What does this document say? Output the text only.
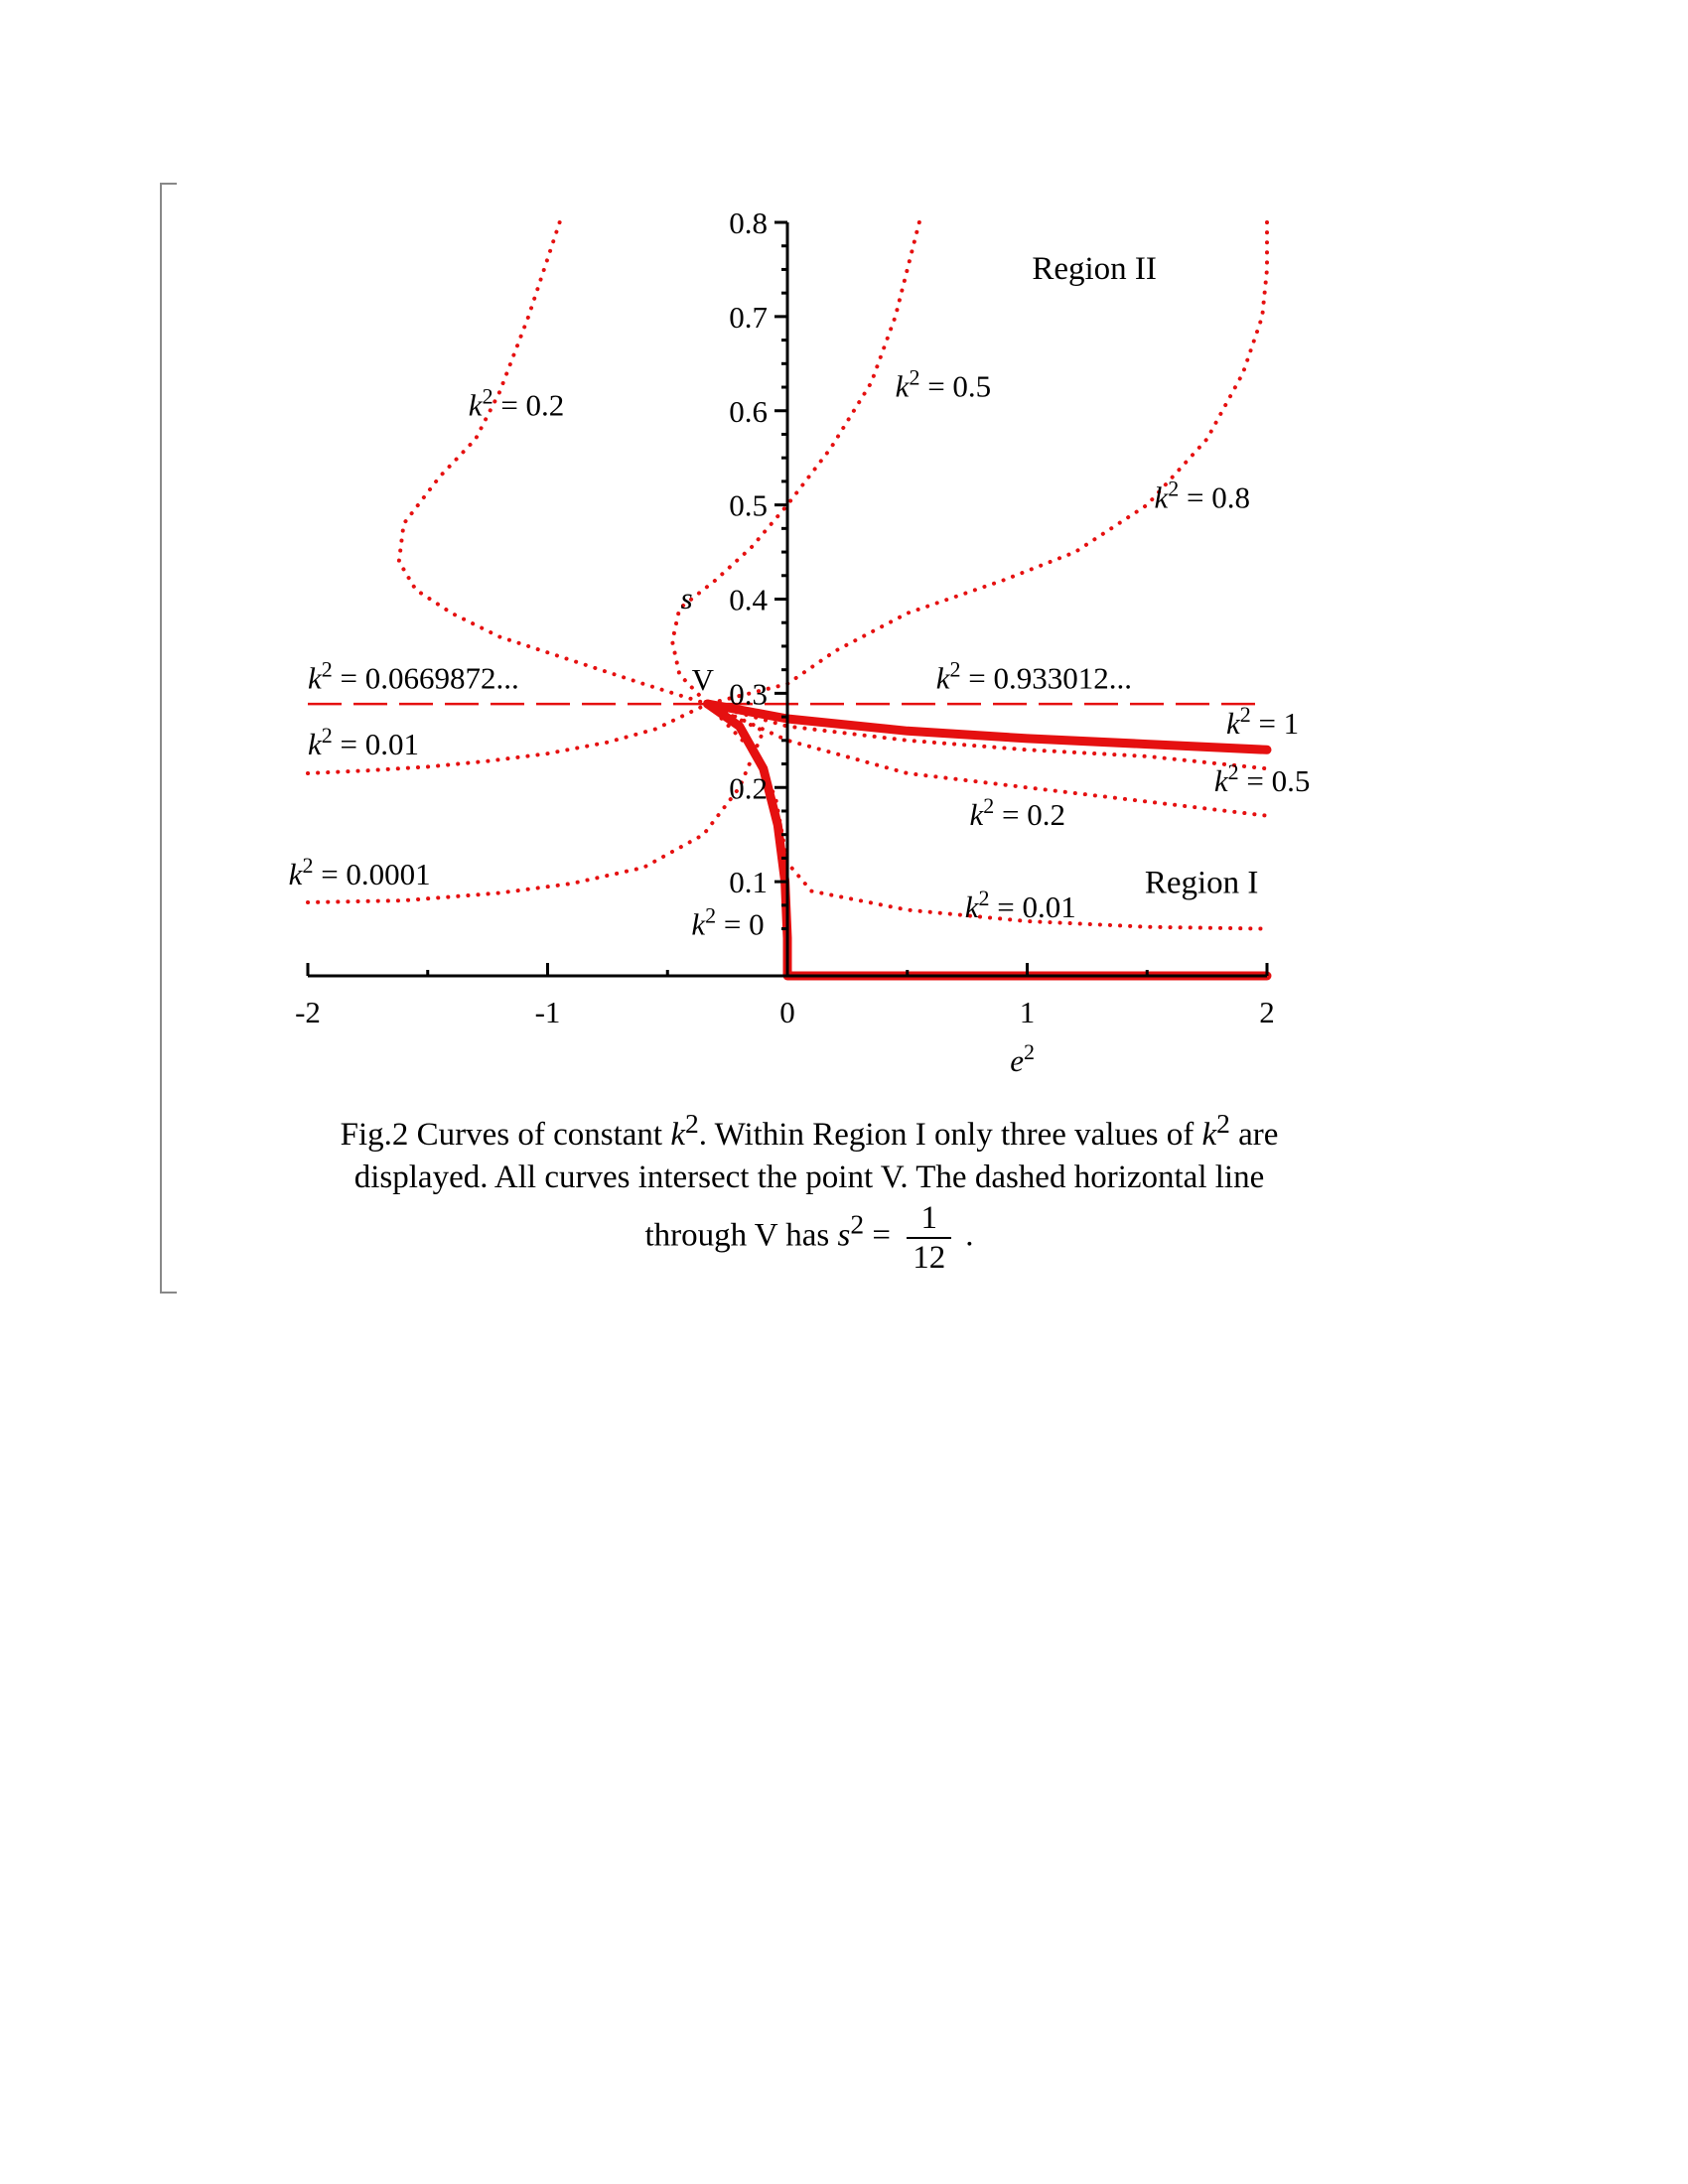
-2	-1	0	1	2
0.1
0.2
0.3
0.4
0.5
0.6
0.7
0.8
$e^2$
s
V
$k^2 = 0.2$
$k^2 = 0.5$
$k^2 = 0.8$
$k^2 = 0.0669872$...	$k^2 = 0.933012$...
$k^2 = 0.01$
$k^2 = 1$
$k^2 = 0.5$
$k^2 = 0.2$
$k^2 = 0.0001$
$k^2 = 0.01$
$k^2 = 0$
Region II
Region I
Fig.2 Curves of constant $k^2$. Within Region I only three values of $k^2$ are
displayed. All curves intersect the point V. The dashed horizontal line
through V has $s^2 = \frac{1}{12}$ .
